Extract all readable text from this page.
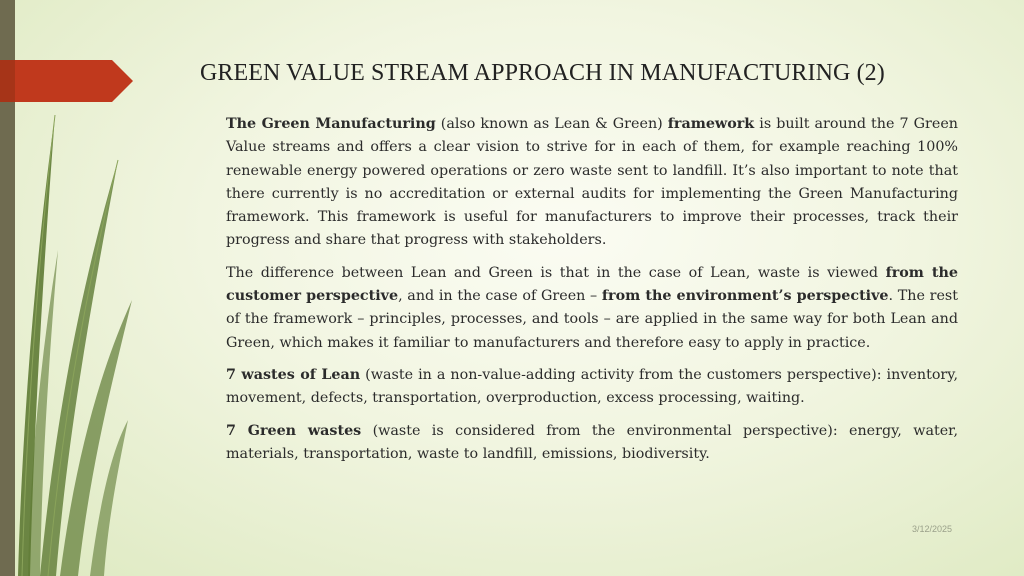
GREEN VALUE STREAM APPROACH IN MANUFACTURING (2)

The Green Manufacturing (also known as Lean & Green) framework is built around the 7 Green Value streams and offers a clear vision to strive for in each of them, for example reaching 100% renewable energy powered operations or zero waste sent to landfill. It’s also important to note that there currently is no accreditation or external audits for implementing the Green Manufacturing framework. This framework is useful for manufacturers to improve their processes, track their progress and share that progress with stakeholders.

The difference between Lean and Green is that in the case of Lean, waste is viewed from the customer perspective, and in the case of Green – from the environment’s perspective. The rest of the framework – principles, processes, and tools – are applied in the same way for both Lean and Green, which makes it familiar to manufacturers and therefore easy to apply in practice.

7 wastes of Lean (waste in a non-value-adding activity from the customers perspective): inventory, movement, defects, transportation, overproduction, excess processing, waiting.

7 Green wastes (waste is considered from the environmental perspective): energy, water, materials, transportation, waste to landfill, emissions, biodiversity.

3/12/2025
